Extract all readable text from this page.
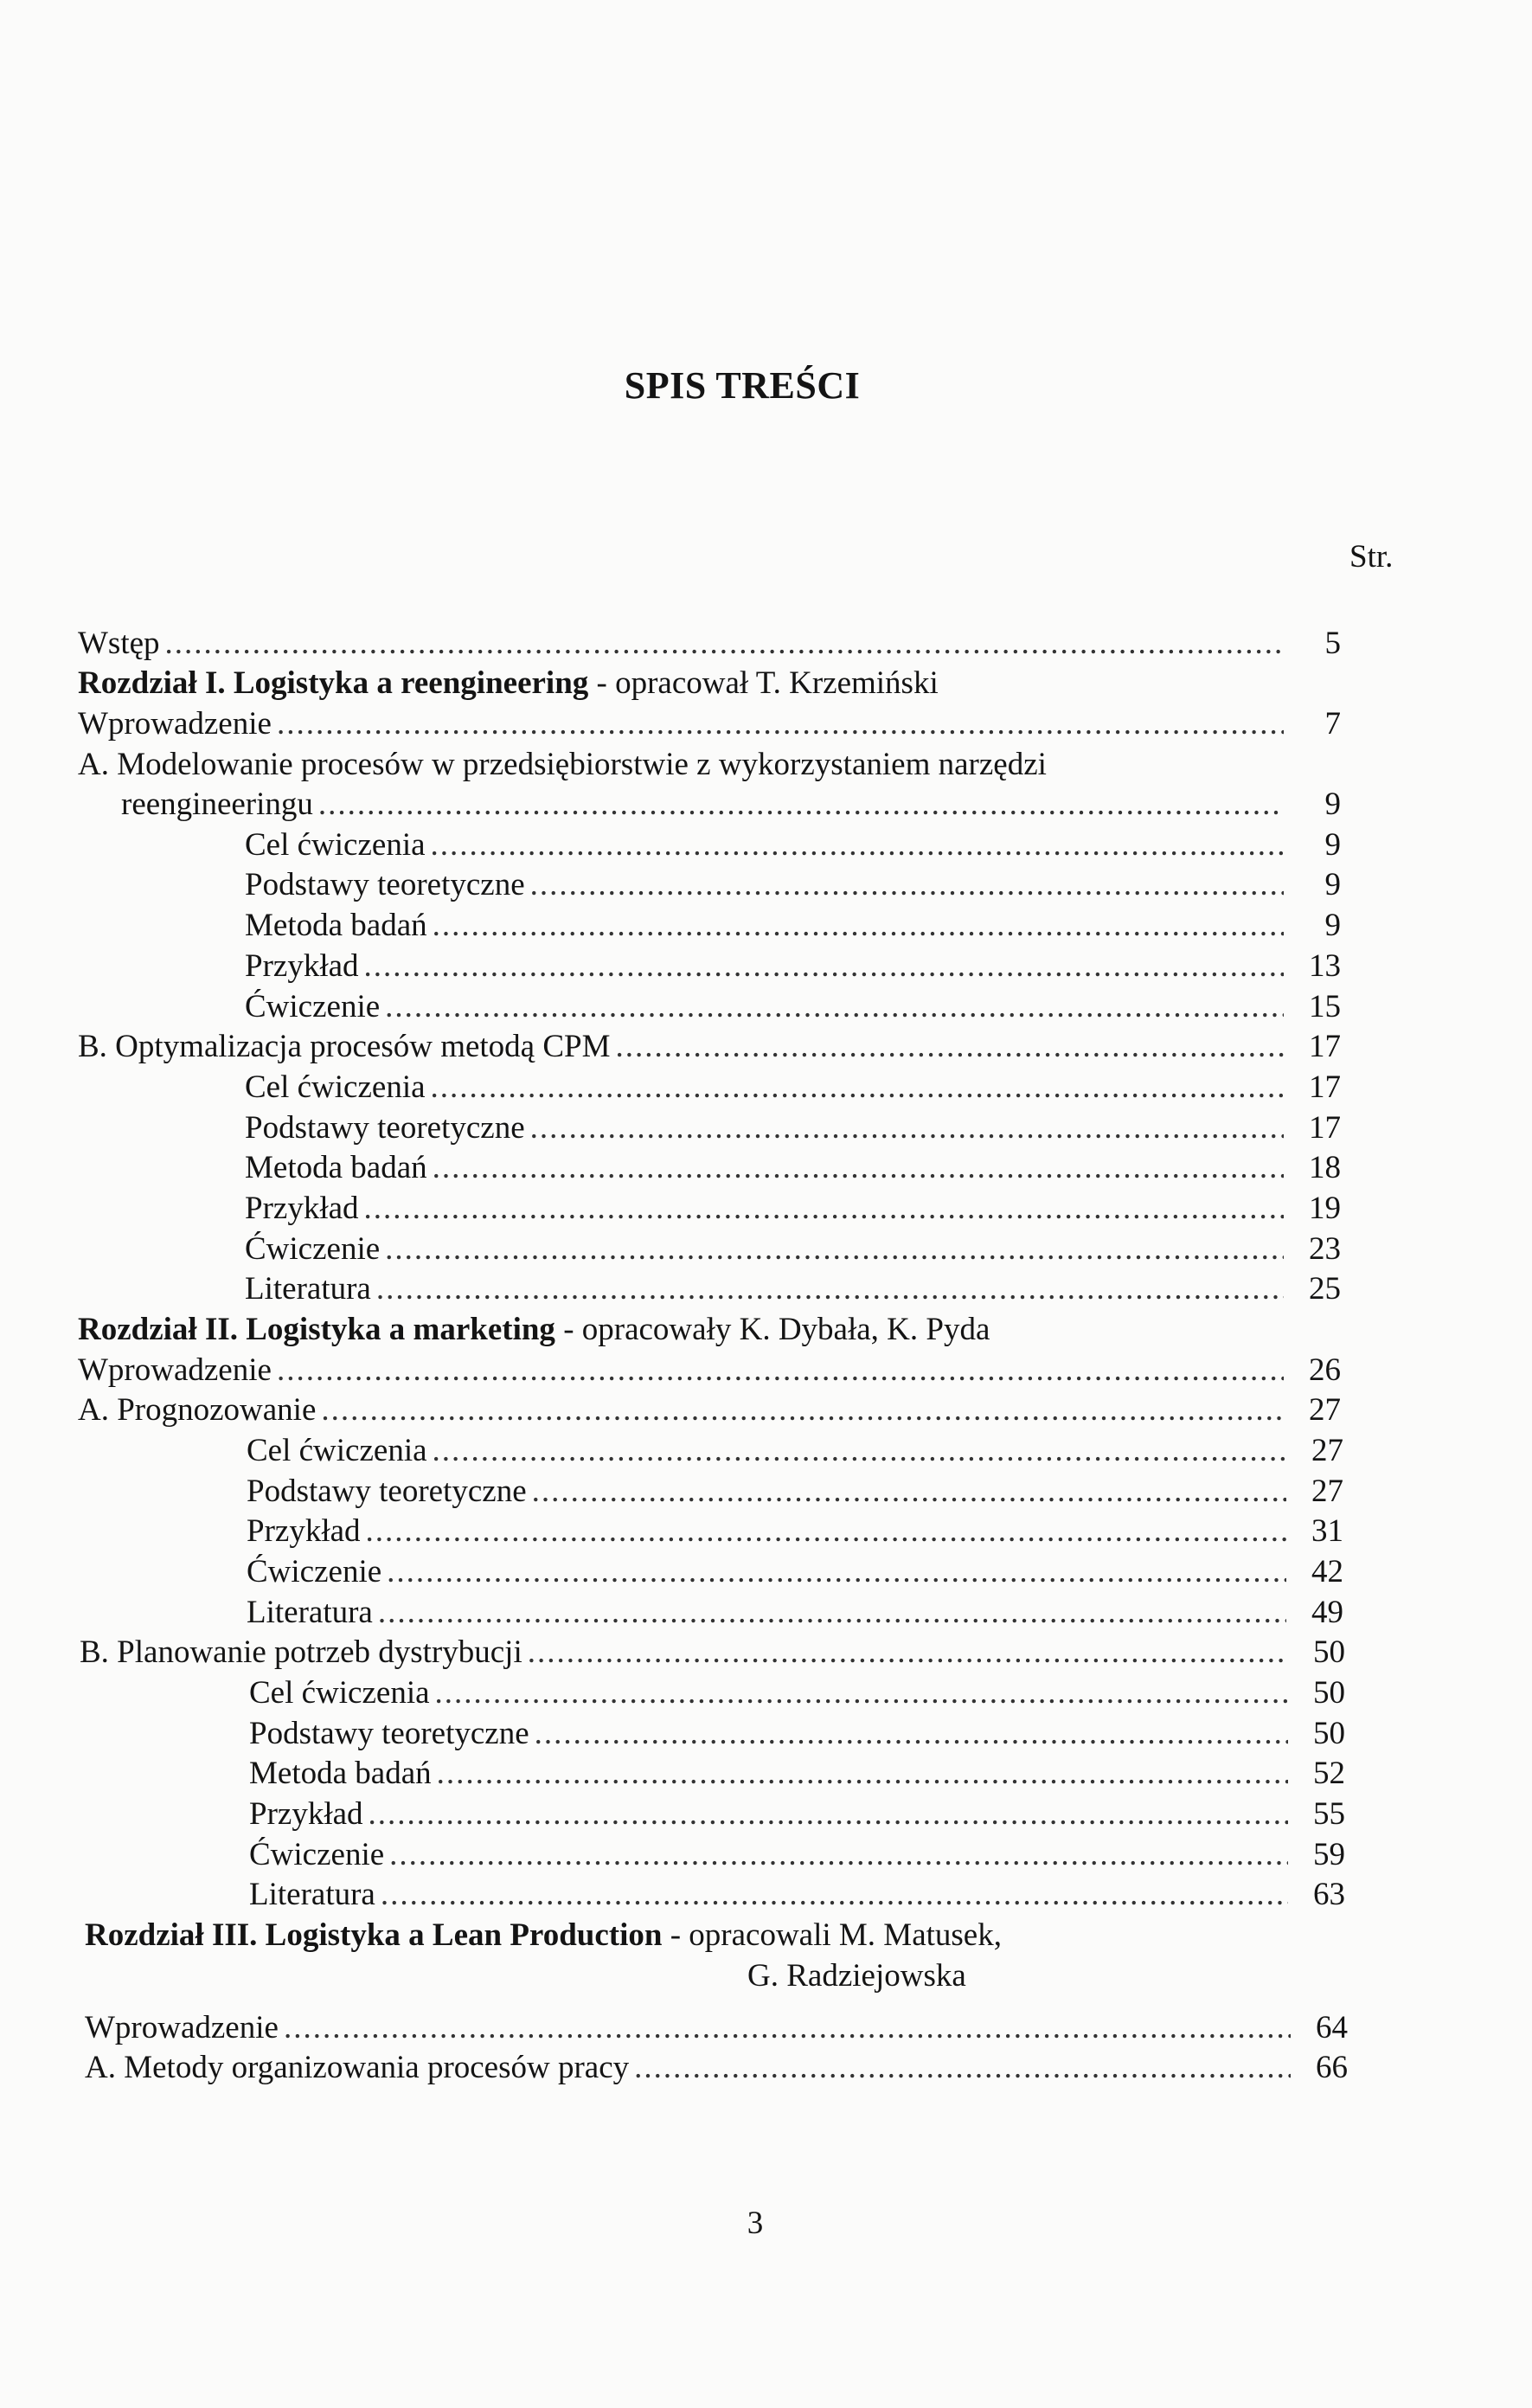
SPIS TREŚCI
Str.
Wstęp .....	5
Rozdział I. Logistyka a reengineering - opracował T. Krzemiński
Wprowadzenie .....	7
A. Modelowanie procesów w przedsiębiorstwie z wykorzystaniem narzędzi
reengineeringu .....	9
Cel ćwiczenia .....	9
Podstawy teoretyczne .....	9
Metoda badań .....	9
Przykład .....	13
Ćwiczenie .....	15
B. Optymalizacja procesów metodą CPM .....	17
Cel ćwiczenia .....	17
Podstawy teoretyczne .....	17
Metoda badań .....	18
Przykład .....	19
Ćwiczenie .....	23
Literatura .....	25
Rozdział II. Logistyka a marketing - opracowały K. Dybała, K. Pyda
Wprowadzenie .....	26
A. Prognozowanie .....	27
Cel ćwiczenia .....	27
Podstawy teoretyczne .....	27
Przykład .....	31
Ćwiczenie .....	42
Literatura .....	49
B. Planowanie potrzeb dystrybucji .....	50
Cel ćwiczenia .....	50
Podstawy teoretyczne .....	50
Metoda badań .....	52
Przykład .....	55
Ćwiczenie .....	59
Literatura .....	63
Rozdział III. Logistyka a Lean Production - opracowali M. Matusek,
G. Radziejowska
Wprowadzenie .....	64
A. Metody organizowania procesów pracy .....	66
3
